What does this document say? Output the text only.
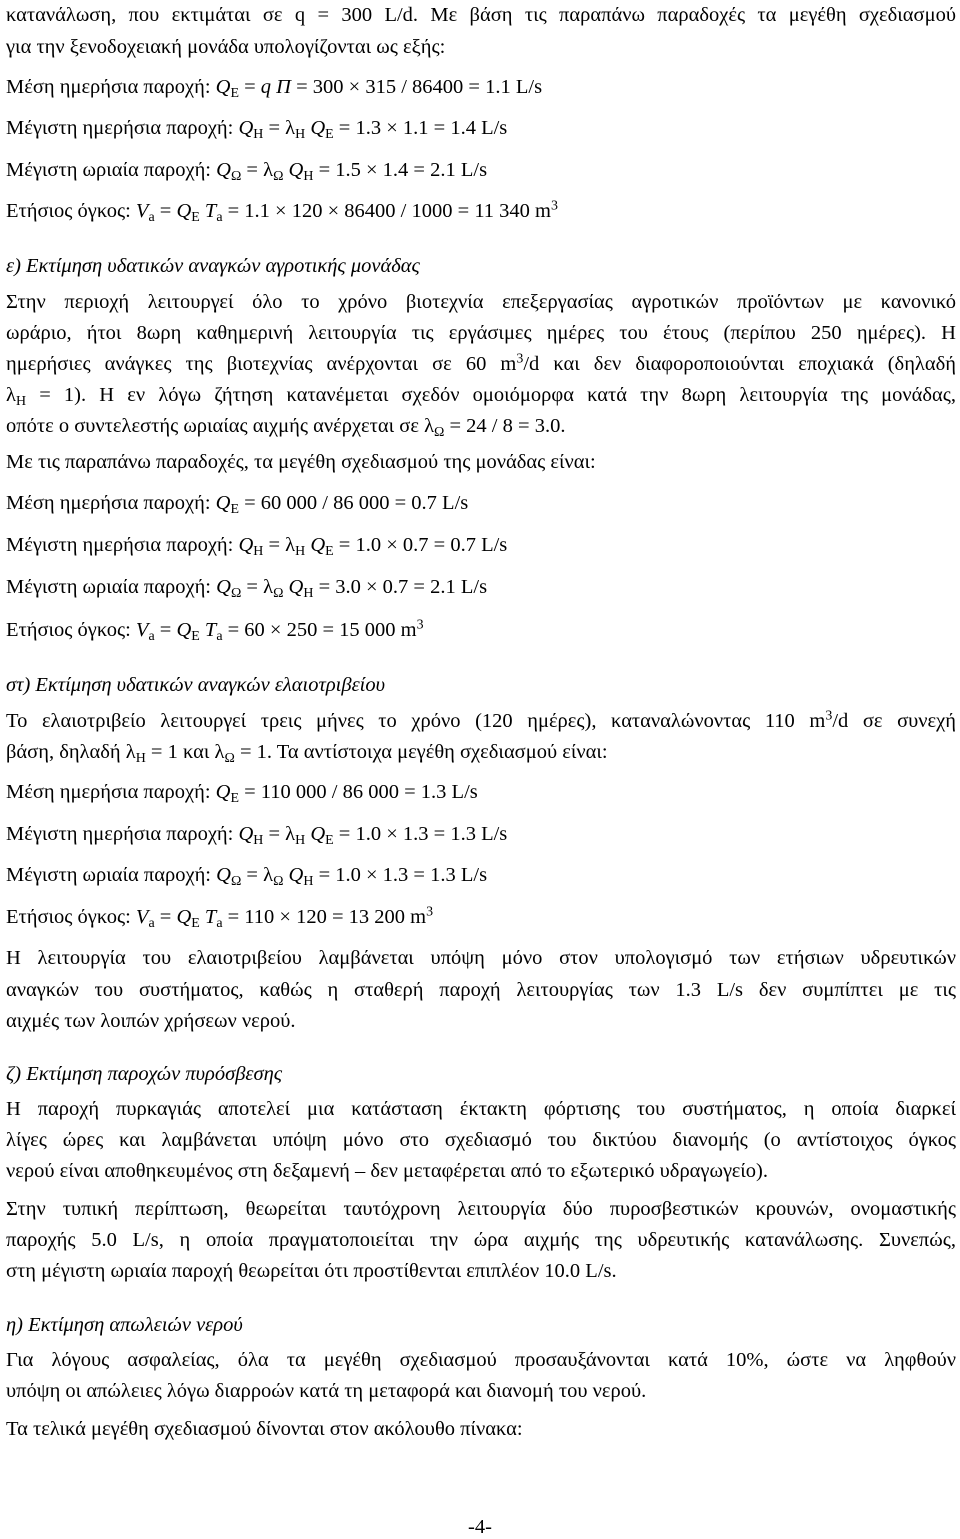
κατανάλωση, που εκτιμάται σε q = 300 L/d. Με βάση τις παραπάνω παραδοχές τα μεγέθη σχεδιασμού
για την ξενοδοχειακή μονάδα υπολογίζονται ως εξής:
Μέση ημερήσια παροχή: $Q_E = q$ Π = 300 × 315 / 86400 = 1.1 L/s
Μέγιστη ημερήσια παροχή: $Q_H = \lambda_H$ $Q_E = 1.3 \times 1.1 = 1.4$ L/s
Μέγιστη ωριαία παροχή: $Q_\Omega = \lambda_\Omega$ $Q_H = 1.5 \times 1.4 = 2.1$ L/s
Ετήσιος όγκος: $V_a = Q_E$ $T_a = 1.1 \times 120 \times 86400 / 1000 = 11$ 340 $m^3$
ε) Εκτίμηση υδατικών αναγκών αγροτικής μονάδας
Στην περιοχή λειτουργεί όλο το χρόνο βιοτεχνία επεξεργασίας αγροτικών προϊόντων με κανονικό
ωράριο, ήτοι 8ωρη καθημερινή λειτουργία τις εργάσιμες ημέρες του έτους (περίπου 250 ημέρες). Η
ημερήσιες ανάγκες της βιοτεχνίας ανέρχονται σε 60 $m^3/d$ και δεν διαφοροποιούνται εποχιακά (δηλαδή
$\lambda_H = 1$). Η εν λόγω ζήτηση κατανέμεται σχεδόν ομοιόμορφα κατά την 8ωρη λειτουργία της μονάδας,
οπότε ο συντελεστής ωριαίας αιχμής ανέρχεται σε $\lambda_\Omega = 24 / 8 = 3.0$.
Με τις παραπάνω παραδοχές, τα μεγέθη σχεδιασμού της μονάδας είναι:
Μέση ημερήσια παροχή: $Q_E = 60$ 000 / 86 000 = 0.7 L/s
Μέγιστη ημερήσια παροχή: $Q_H = \lambda_H$ $Q_E = 1.0 \times 0.7 = 0.7$ L/s
Μέγιστη ωριαία παροχή: $Q_\Omega = \lambda_\Omega$ $Q_H = 3.0 \times 0.7 = 2.1$ L/s
Ετήσιος όγκος: $V_a = Q_E$ $T_a = 60 \times 250 = 15$ 000 $m^3$
στ) Εκτίμηση υδατικών αναγκών ελαιοτριβείου
Το ελαιοτριβείο λειτουργεί τρεις μήνες το χρόνο (120 ημέρες), καταναλώνοντας 110 $m^3/d$ σε συνεχή
βάση, δηλαδή $\lambda_H = 1$ και $\lambda_\Omega = 1$. Τα αντίστοιχα μεγέθη σχεδιασμού είναι:
Μέση ημερήσια παροχή: $Q_E = 110$ 000 / 86 000 = 1.3 L/s
Μέγιστη ημερήσια παροχή: $Q_H = \lambda_H$ $Q_E = 1.0 \times 1.3 = 1.3$ L/s
Μέγιστη ωριαία παροχή: $Q_\Omega = \lambda_\Omega$ $Q_H = 1.0 \times 1.3 = 1.3$ L/s
Ετήσιος όγκος: $V_a = Q_E$ $T_a = 110 \times 120 = 13$ 200 $m^3$
Η λειτουργία του ελαιοτριβείου λαμβάνεται υπόψη μόνο στον υπολογισμό των ετήσιων υδρευτικών
αναγκών του συστήματος, καθώς η σταθερή παροχή λειτουργίας των 1.3 L/s δεν συμπίπτει με τις
αιχμές των λοιπών χρήσεων νερού.
ζ) Εκτίμηση παροχών πυρόσβεσης
Η παροχή πυρκαγιάς αποτελεί μια κατάσταση έκτακτη φόρτισης του συστήματος, η οποία διαρκεί
λίγες ώρες και λαμβάνεται υπόψη μόνο στο σχεδιασμό του δικτύου διανομής (ο αντίστοιχος όγκος
νερού είναι αποθηκευμένος στη δεξαμενή – δεν μεταφέρεται από το εξωτερικό υδραγωγείο).
Στην τυπική περίπτωση, θεωρείται ταυτόχρονη λειτουργία δύο πυροσβεστικών κρουνών, ονομαστικής
παροχής 5.0 L/s, η οποία πραγματοποιείται την ώρα αιχμής της υδρευτικής κατανάλωσης. Συνεπώς,
στη μέγιστη ωριαία παροχή θεωρείται ότι προστίθενται επιπλέον 10.0 L/s.
η) Εκτίμηση απωλειών νερού
Για λόγους ασφαλείας, όλα τα μεγέθη σχεδιασμού προσαυξάνονται κατά 10%, ώστε να ληφθούν
υπόψη οι απώλειες λόγω διαρροών κατά τη μεταφορά και διανομή του νερού.
Τα τελικά μεγέθη σχεδιασμού δίνονται στον ακόλουθο πίνακα:
-4-
